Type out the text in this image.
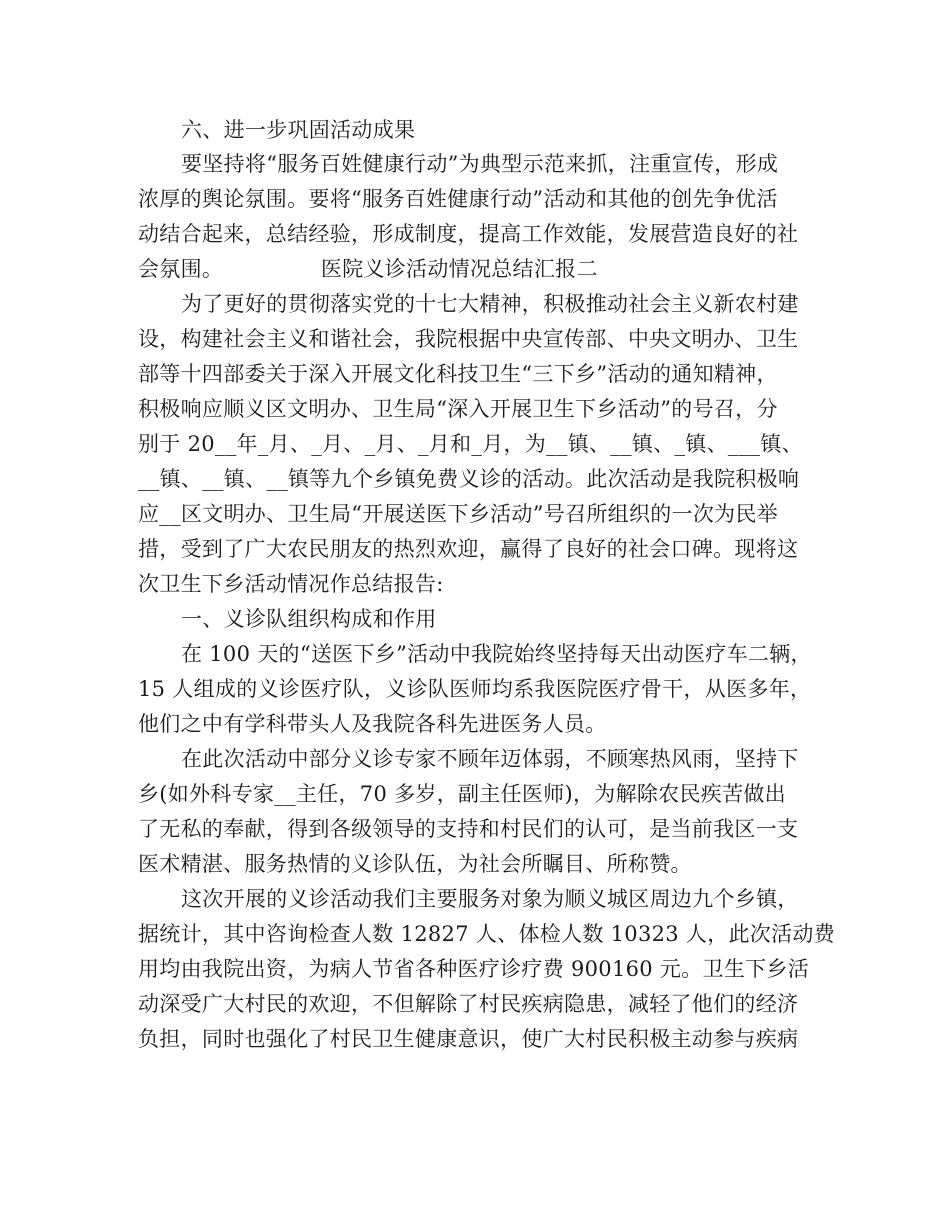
六、进一步巩固活动成果
要坚持将“服务百姓健康行动”为典型示范来抓，注重宣传，形成
浓厚的舆论氛围。要将“服务百姓健康行动”活动和其他的创先争优活
动结合起来，总结经验，形成制度，提高工作效能，发展营造良好的社
会氛围。              医院义诊活动情况总结汇报二
为了更好的贯彻落实党的十七大精神，积极推动社会主义新农村建
设，构建社会主义和谐社会，我院根据中央宣传部、中央文明办、卫生
部等十四部委关于深入开展文化科技卫生“三下乡”活动的通知精神，
积极响应顺义区文明办、卫生局“深入开展卫生下乡活动”的号召，分
别于 20__年_月、_月、_月、_月和_月，为__镇、__镇、_镇、___镇、
__镇、__镇、__镇等九个乡镇免费义诊的活动。此次活动是我院积极响
应__区文明办、卫生局“开展送医下乡活动”号召所组织的一次为民举
措，受到了广大农民朋友的热烈欢迎，赢得了良好的社会口碑。现将这
次卫生下乡活动情况作总结报告:
一、义诊队组织构成和作用
在 100 天的“送医下乡”活动中我院始终坚持每天出动医疗车二辆，
15 人组成的义诊医疗队，义诊队医师均系我医院医疗骨干，从医多年，
他们之中有学科带头人及我院各科先进医务人员。
在此次活动中部分义诊专家不顾年迈体弱，不顾寒热风雨，坚持下
乡(如外科专家__主任，70 多岁，副主任医师)，为解除农民疾苦做出
了无私的奉献，得到各级领导的支持和村民们的认可，是当前我区一支
医术精湛、服务热情的义诊队伍，为社会所瞩目、所称赞。
这次开展的义诊活动我们主要服务对象为顺义城区周边九个乡镇，
据统计，其中咨询检查人数 12827 人、体检人数 10323 人，此次活动费
用均由我院出资，为病人节省各种医疗诊疗费 900160 元。卫生下乡活
动深受广大村民的欢迎，不但解除了村民疾病隐患，减轻了他们的经济
负担，同时也强化了村民卫生健康意识，使广大村民积极主动参与疾病
